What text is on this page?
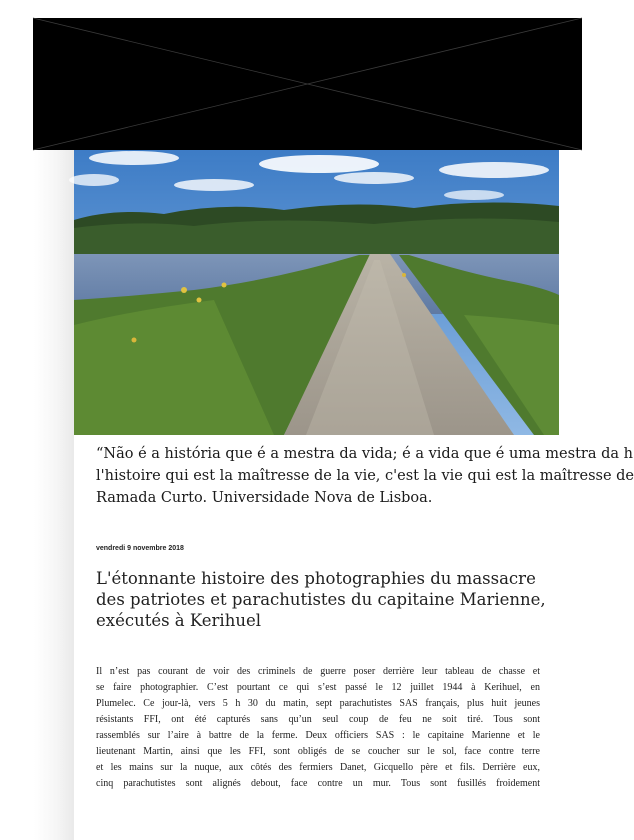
“Não é a história que é a mestra da vida; é a vida que é uma mestra da h
l'histoire qui est la maîtresse de la vie, c'est la vie qui est la maîtresse de
Ramada Curto. Universidade Nova de Lisboa.
vendredi 9 novembre 2018
L'étonnante histoire des photographies du massacre
des patriotes et parachutistes du capitaine Marienne,
exécutés à Kerihuel
Il n’est pas courant de voir des criminels de guerre poser derrière leur tableau de chasse et
se faire photographier. C’est pourtant ce qui s’est passé le 12 juillet 1944 à Kerihuel, en
Plumelec. Ce jour-là, vers 5 h 30 du matin, sept parachutistes SAS français, plus huit jeunes
résistants FFI, ont été capturés sans qu’un seul coup de feu ne soit tiré. Tous sont
rassemblés sur l’aire à battre de la ferme. Deux officiers SAS : le capitaine Marienne et le
lieutenant Martin, ainsi que les FFI, sont obligés de se coucher sur le sol, face contre terre
et les mains sur la nuque, aux côtés des fermiers Danet, Gicquello père et fils. Derrière eux,
cinq parachutistes sont alignés debout, face contre un mur. Tous sont fusillés froidement
